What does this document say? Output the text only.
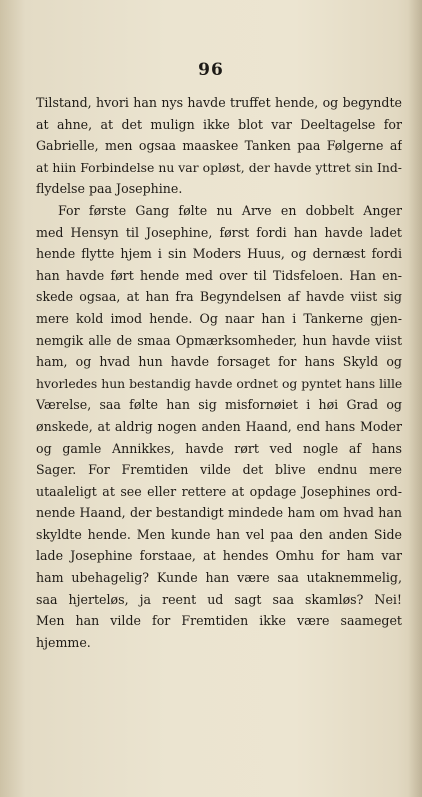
96
Tilstand, hvori han nys havde truffet hende, og begyndte
at ahne, at det mulign ikke blot var Deeltagelse for
Gabrielle, men ogsaa maaskee Tanken paa Følgerne af
at hiin Forbindelse nu var opløst, der havde yttret sin Ind-
flydelse paa Josephine.
For første Gang følte nu Arve en dobbelt Anger
med Hensyn til Josephine, først fordi han havde ladet
hende flytte hjem i sin Moders Huus, og dernæst fordi
han havde ført hende med over til Tidsfeloen. Han en-
skede ogsaa, at han fra Begyndelsen af havde viist sig
mere kold imod hende. Og naar han i Tankerne gjen-
nemgik alle de smaa Opmærksomheder, hun havde viist
ham, og hvad hun havde forsaget for hans Skyld og
hvorledes hun bestandig havde ordnet og pyntet hans lille
Værelse, saa følte han sig misfornøiet i høi Grad og
ønskede, at aldrig nogen anden Haand, end hans Moder
og gamle Annikkes, havde rørt ved nogle af hans
Sager. For Fremtiden vilde det blive endnu mere
utaaleligt at see eller rettere at opdage Josephines ord-
nende Haand, der bestandigt mindede ham om hvad han
skyldte hende. Men kunde han vel paa den anden Side
lade Josephine forstaae, at hendes Omhu for ham var
ham ubehagelig? Kunde han være saa utaknemmelig,
saa hjerteløs, ja reent ud sagt saa skamløs? Nei!
Men han vilde for Fremtiden ikke være saameget
hjemme.
